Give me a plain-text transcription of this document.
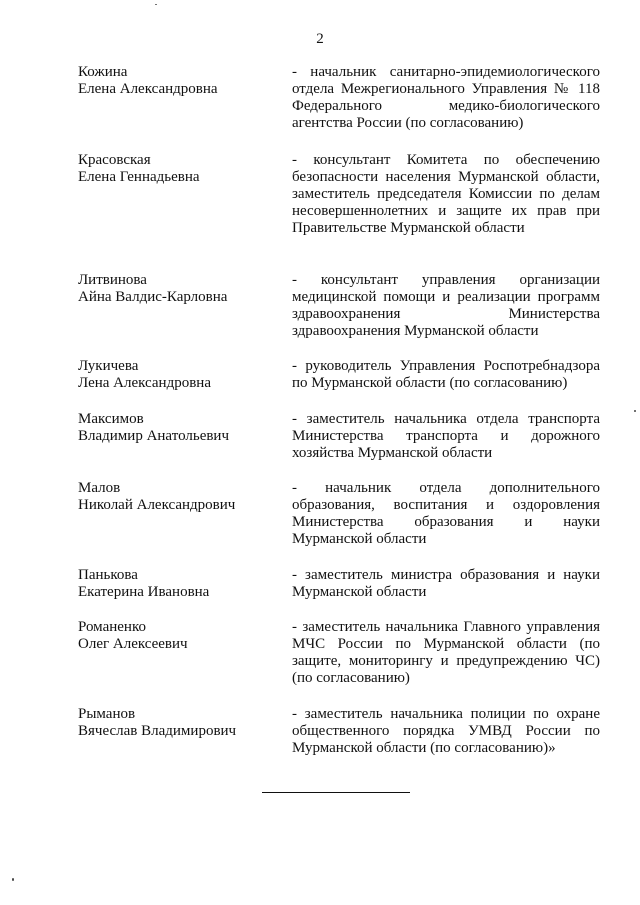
2
Кожина
Елена Александровна
- начальник санитарно-эпидемиологического отдела Межрегионального Управления № 118 Федерального медико-биологического агентства России (по согласованию)
Красовская
Елена Геннадьевна
- консультант Комитета по обеспечению безопасности населения Мурманской области, заместитель председателя Комиссии по делам несовершеннолетних и защите их прав при Правительстве Мурманской области
Литвинова
Айна Валдис-Карловна
- консультант управления организации медицинской помощи и реализации программ здравоохранения Министерства здравоохранения Мурманской области
Лукичева
Лена Александровна
- руководитель Управления Роспотребнадзора по Мурманской области (по согласованию)
Максимов
Владимир Анатольевич
- заместитель начальника отдела транспорта Министерства транспорта и дорожного хозяйства Мурманской области
Малов
Николай Александрович
- начальник отдела дополнительного образования, воспитания и оздоровления Министерства образования и науки Мурманской области
Панькова
Екатерина Ивановна
- заместитель министра образования и науки Мурманской области
Романенко
Олег Алексеевич
- заместитель начальника Главного управления МЧС России по Мурманской области (по защите, мониторингу и предупреждению ЧС) (по согласованию)
Рыманов
Вячеслав Владимирович
- заместитель начальника полиции по охране общественного порядка УМВД России по Мурманской области (по согласованию)»
